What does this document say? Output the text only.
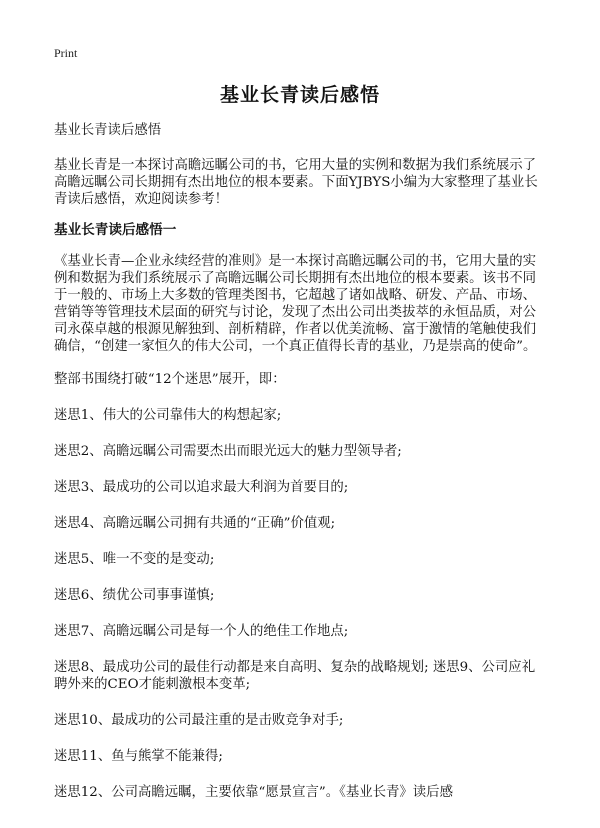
Print
基业长青读后感悟

基业长青读后感悟

基业长青是一本探讨高瞻远瞩公司的书，它用大量的实例和数据为我们系统展示了高瞻远瞩公司长期拥有杰出地位的根本要素。下面YJBYS小编为大家整理了基业长青读后感悟，欢迎阅读参考！

基业长青读后感悟一

《基业长青—企业永续经营的准则》是一本探讨高瞻远瞩公司的书，它用大量的实例和数据为我们系统展示了高瞻远瞩公司长期拥有杰出地位的根本要素。该书不同于一般的、市场上大多数的管理类图书，它超越了诸如战略、研发、产品、市场、营销等等管理技术层面的研究与讨论，发现了杰出公司出类拔萃的永恒品质，对公司永葆卓越的根源见解独到、剖析精辟，作者以优美流畅、富于激情的笔触使我们确信，“创建一家恒久的伟大公司，一个真正值得长青的基业，乃是崇高的使命”。

整部书围绕打破“12个迷思”展开，即：

迷思1、伟大的公司靠伟大的构想起家;

迷思2、高瞻远瞩公司需要杰出而眼光远大的魅力型领导者;

迷思3、最成功的公司以追求最大利润为首要目的;

迷思4、高瞻远瞩公司拥有共通的“正确”价值观;

迷思5、唯一不变的是变动;

迷思6、绩优公司事事谨慎;

迷思7、高瞻远瞩公司是每一个人的绝佳工作地点;

迷思8、最成功公司的最佳行动都是来自高明、复杂的战略规划; 迷思9、公司应礼聘外来的CEO才能刺激根本变革;

迷思10、最成功的公司最注重的是击败竞争对手;

迷思11、鱼与熊掌不能兼得;

迷思12、公司高瞻远瞩，主要依靠“愿景宣言”。《基业长青》读后感
